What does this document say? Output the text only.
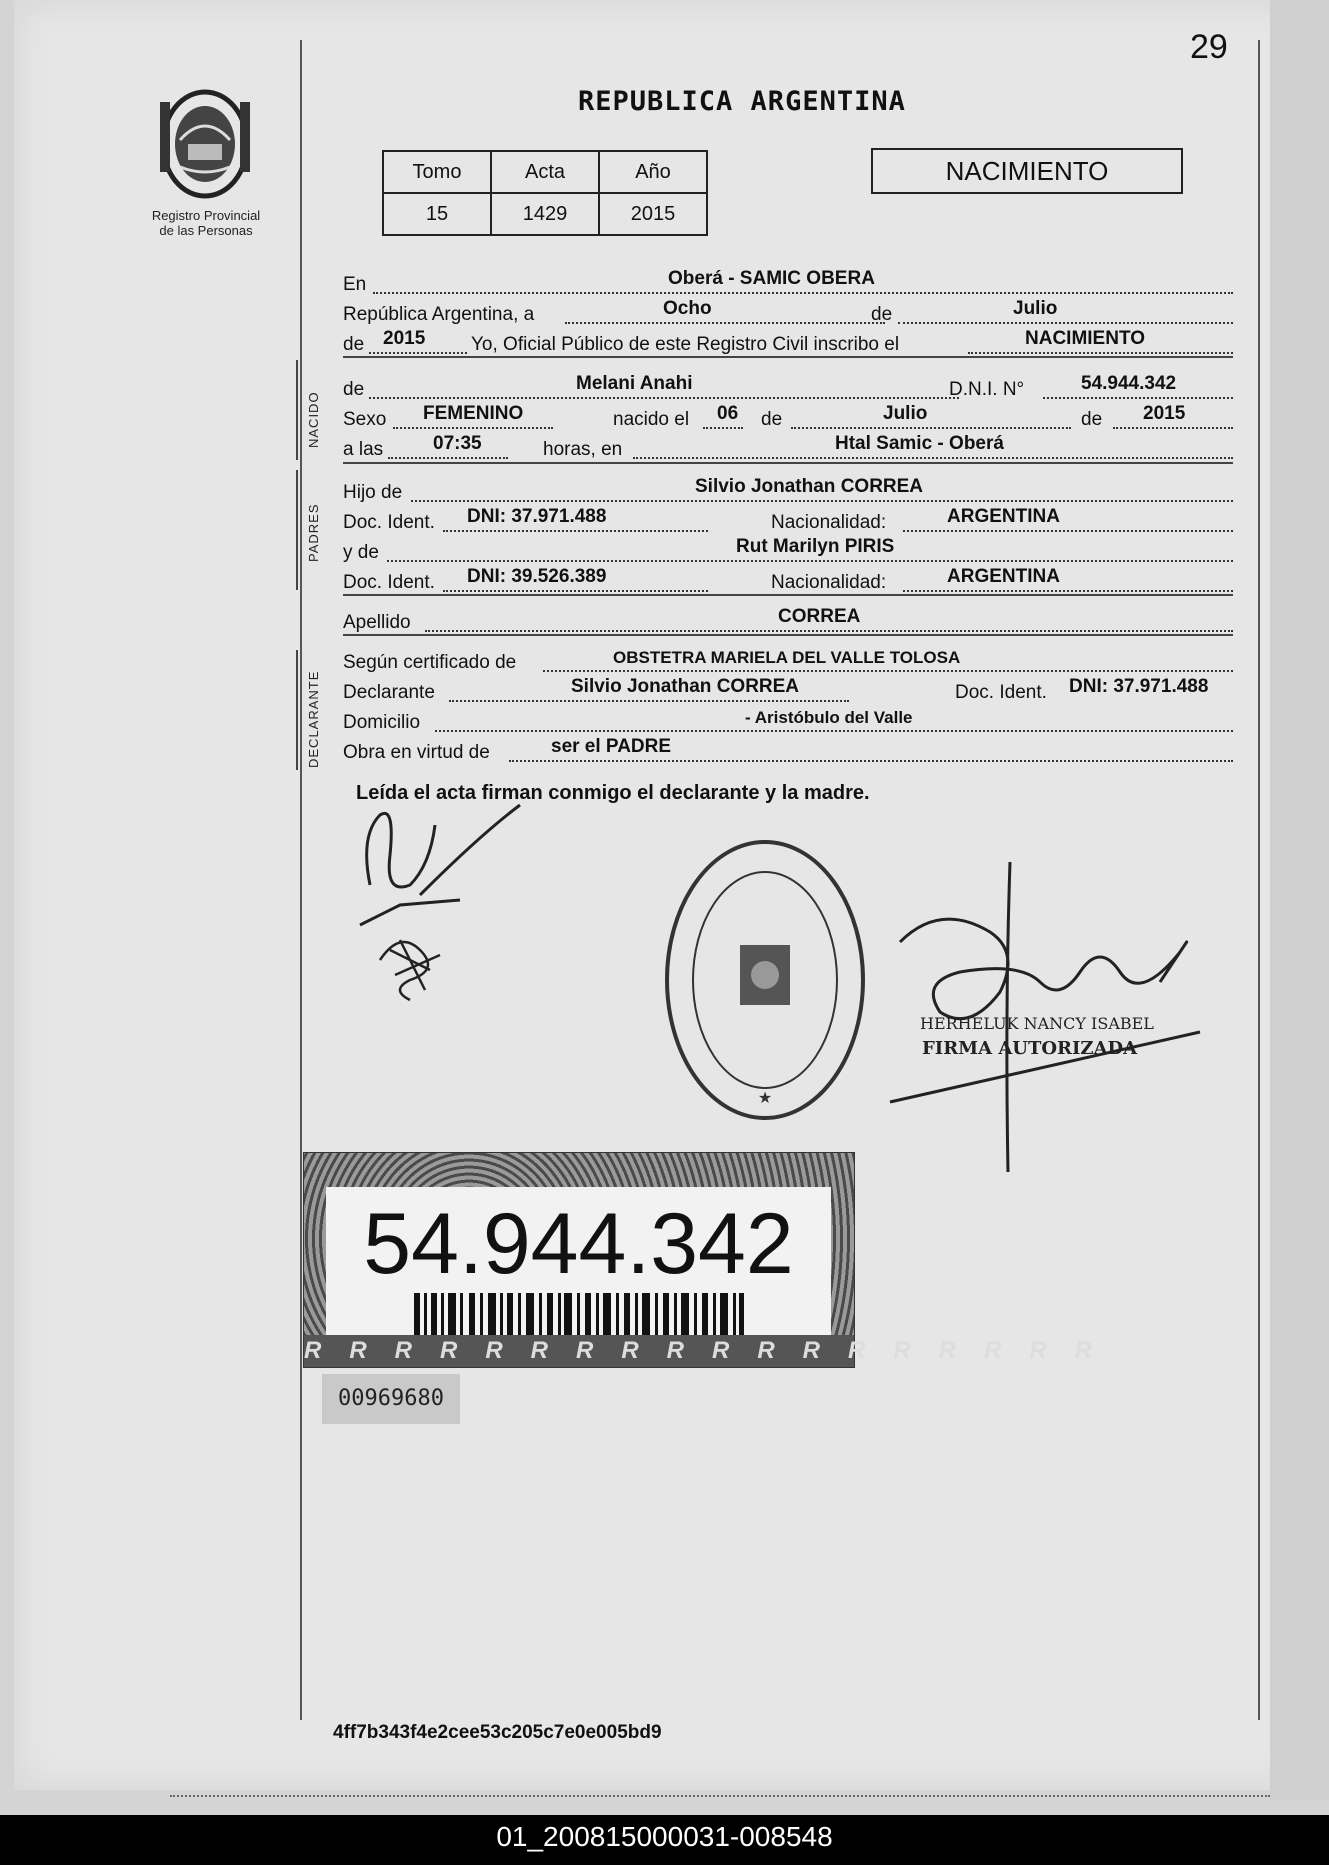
29
Registro Provincial
de las Personas
REPUBLICA ARGENTINA
Tomo	Acta	Año
15	1429	2015
NACIMIENTO
En	Oberá - SAMIC OBERA
República Argentina, a	Ocho	de	Julio
de 2015 Yo, Oficial Público de este Registro Civil inscribo el	NACIMIENTO
NACIDO
de	Melani Anahi	D.N.I. N°	54.944.342
Sexo FEMENINO	nacido el 06 de	Julio	de 2015
a las	07:35	horas, en	Htal Samic - Oberá
PADRES
Hijo de	Silvio Jonathan CORREA
Doc. Ident. DNI: 37.971.488	Nacionalidad:	ARGENTINA
y de	Rut Marilyn PIRIS
Doc. Ident. DNI: 39.526.389	Nacionalidad:	ARGENTINA
Apellido	CORREA
DECLARANTE
Según certificado de	OBSTETRA MARIELA DEL VALLE TOLOSA
Declarante	Silvio Jonathan CORREA	Doc. Ident. DNI: 37.971.488
Domicilio	- Aristóbulo del Valle
Obra en virtud de	ser el PADRE
Leída el acta firman conmigo el declarante y la madre.
★
HERHELUK NANCY ISABEL
FIRMA AUTORIZADA
54.944.342
RRRRRRRRRRRRRRRRRR
00969680
4ff7b343f4e2cee53c205c7e0e005bd9
01_200815000031-008548
